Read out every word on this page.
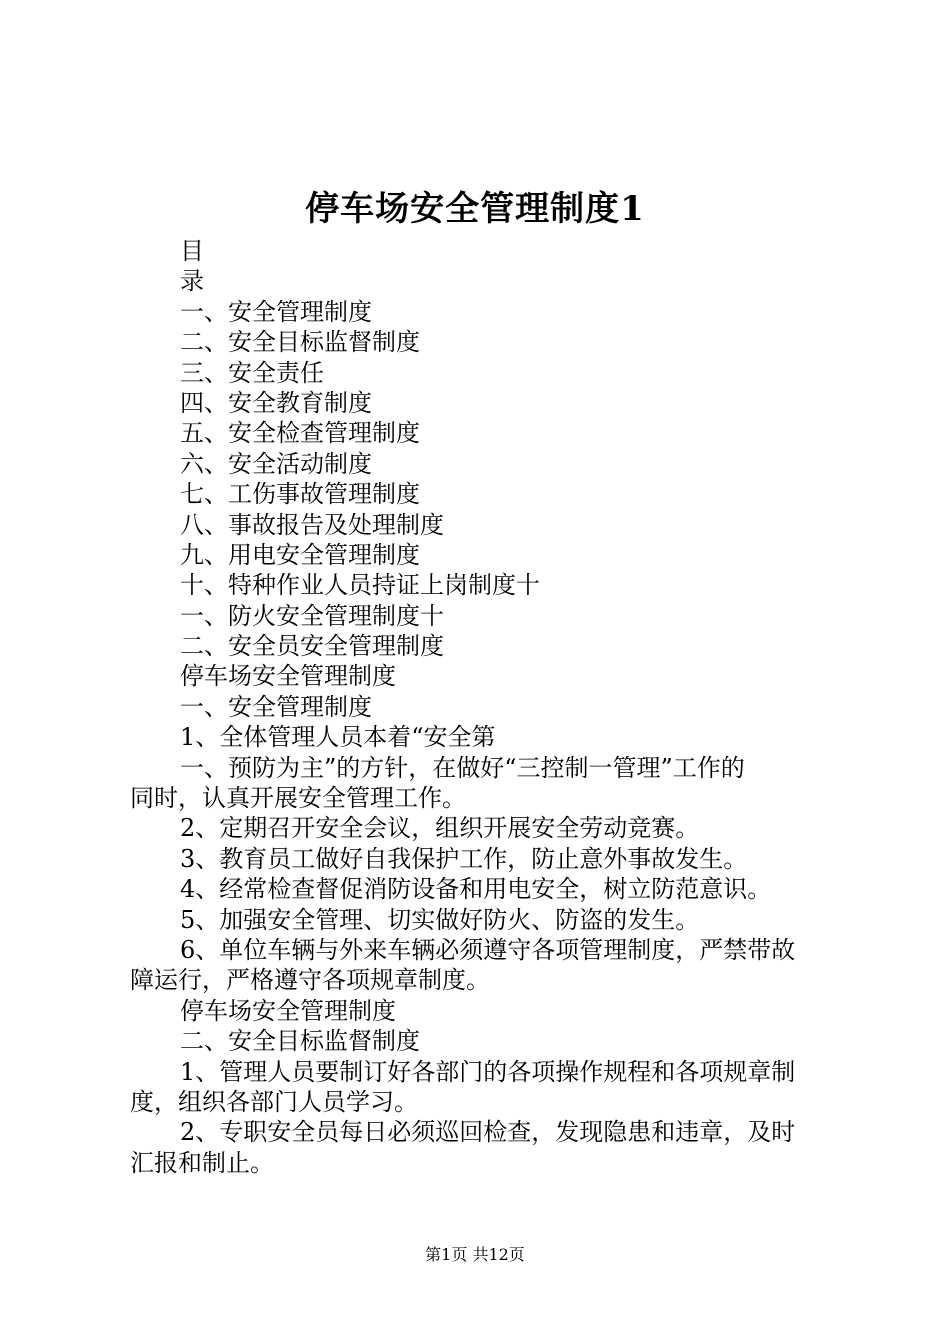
停车场安全管理制度1
目
录
一、安全管理制度
二、安全目标监督制度
三、安全责任
四、安全教育制度
五、安全检查管理制度
六、安全活动制度
七、工伤事故管理制度
八、事故报告及处理制度
九、用电安全管理制度
十、特种作业人员持证上岗制度十
一、防火安全管理制度十
二、安全员安全管理制度
停车场安全管理制度
一、安全管理制度
1、全体管理人员本着“安全第
一、预防为主”的方针，在做好“三控制一管理”工作的
同时，认真开展安全管理工作。
2、定期召开安全会议，组织开展安全劳动竞赛。
3、教育员工做好自我保护工作，防止意外事故发生。
4、经常检查督促消防设备和用电安全，树立防范意识。
5、加强安全管理、切实做好防火、防盗的发生。
6、单位车辆与外来车辆必须遵守各项管理制度，严禁带故
障运行，严格遵守各项规章制度。
停车场安全管理制度
二、安全目标监督制度
1、管理人员要制订好各部门的各项操作规程和各项规章制
度，组织各部门人员学习。
2、专职安全员每日必须巡回检查，发现隐患和违章，及时
汇报和制止。
第1页 共12页
